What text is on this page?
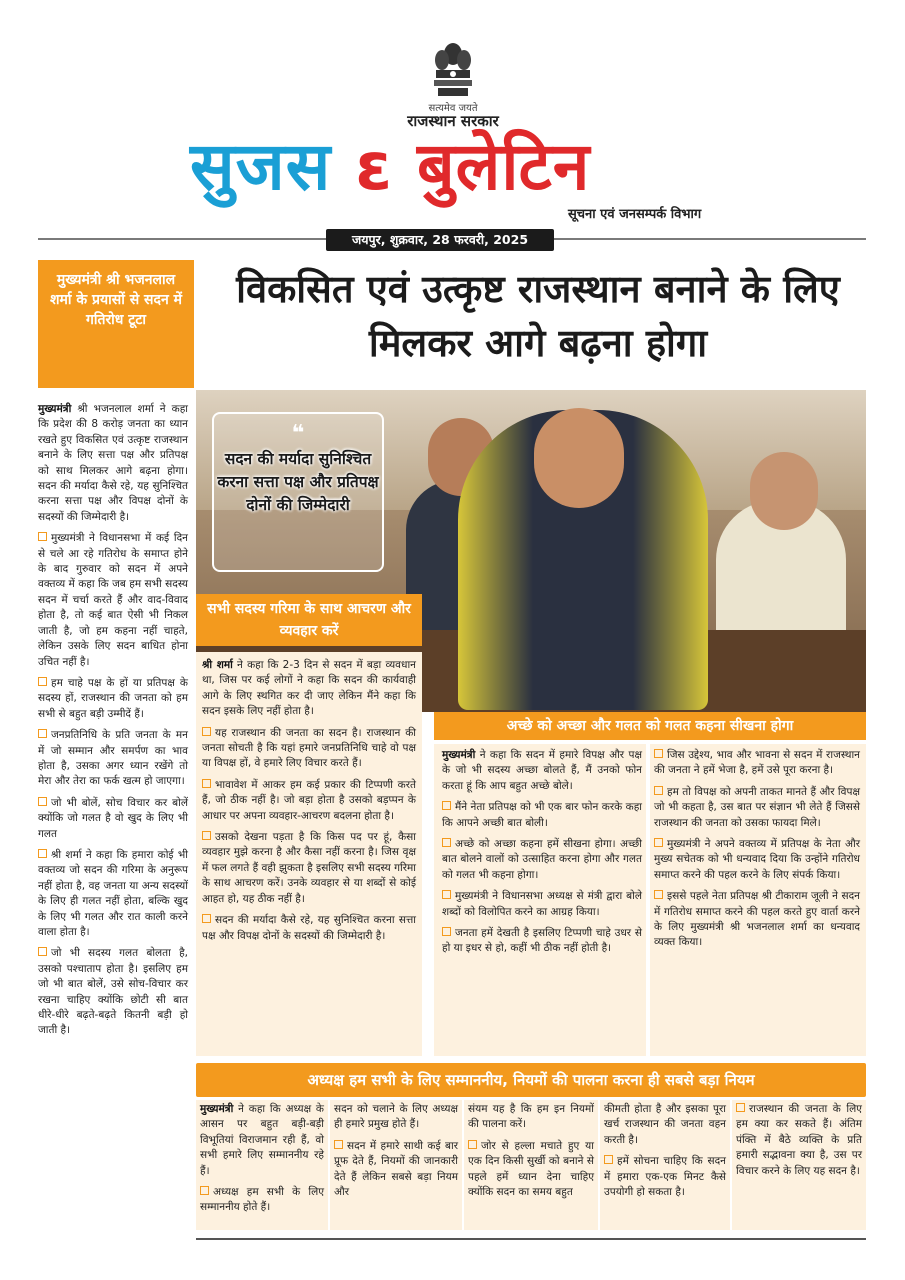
सत्यमेव जयते
राजस्थान सरकार
सुजस ε बुलेटिन
सूचना एवं जनसम्पर्क विभाग
जयपुर, शुक्रवार, 28 फरवरी, 2025
मुख्यमंत्री श्री भजनलाल शर्मा के प्रयासों से सदन में गतिरोध टूटा
विकसित एवं उत्कृष्ट राजस्थान बनाने के लिए मिलकर आगे बढ़ना होगा
❝
सदन की मर्यादा सुनिश्चित करना सत्ता पक्ष और प्रतिपक्ष दोनों की जिम्मेदारी

मुख्यमंत्री श्री भजनलाल शर्मा ने कहा कि प्रदेश की 8 करोड़ जनता का ध्यान रखते हुए विकसित एवं उत्कृष्ट राजस्थान बनाने के लिए सत्ता पक्ष और प्रतिपक्ष को साथ मिलकर आगे बढ़ना होगा। सदन की मर्यादा कैसे रहे, यह सुनिश्चित करना सत्ता पक्ष और विपक्ष दोनों के सदस्यों की जिम्मेदारी है।

मुख्यमंत्री ने विधानसभा में कई दिन से चले आ रहे गतिरोध के समाप्त होने के बाद गुरुवार को सदन में अपने वक्तव्य में कहा कि जब हम सभी सदस्य सदन में चर्चा करते हैं और वाद-विवाद होता है, तो कई बात ऐसी भी निकल जाती है, जो हम कहना नहीं चाहते, लेकिन उसके लिए सदन बाधित होना उचित नहीं है।

हम चाहे पक्ष के हों या प्रतिपक्ष के सदस्य हों, राजस्थान की जनता को हम सभी से बहुत बड़ी उम्मीदें हैं।

जनप्रतिनिधि के प्रति जनता के मन में जो सम्मान और समर्पण का भाव होता है, उसका अगर ध्यान रखेंगे तो मेरा और तेरा का फर्क खत्म हो जाएगा।

जो भी बोलें, सोच विचार कर बोलें क्योंकि जो गलत है वो खुद के लिए भी गलत

श्री शर्मा ने कहा कि हमारा कोई भी वक्तव्य जो सदन की गरिमा के अनुरूप नहीं होता है, वह जनता या अन्य सदस्यों के लिए ही गलत नहीं होता, बल्कि खुद के लिए भी गलत और रात काली करने वाला होता है।

जो भी सदस्य गलत बोलता है, उसको पश्चाताप होता है। इसलिए हम जो भी बात बोलें, उसे सोच-विचार कर रखना चाहिए क्योंकि छोटी सी बात धीरे-धीरे बढ़ते-बढ़ते कितनी बड़ी हो जाती है।

सभी सदस्य गरिमा के साथ आचरण और व्यवहार करें

श्री शर्मा ने कहा कि 2-3 दिन से सदन में बड़ा व्यवधान था, जिस पर कई लोगों ने कहा कि सदन की कार्यवाही आगे के लिए स्थगित कर दी जाए लेकिन मैंने कहा कि सदन इसके लिए नहीं होता है।

यह राजस्थान की जनता का सदन है। राजस्थान की जनता सोचती है कि यहां हमारे जनप्रतिनिधि चाहे वो पक्ष या विपक्ष हों, वे हमारे लिए विचार करते हैं।

भावावेश में आकर हम कई प्रकार की टिप्पणी करते हैं, जो ठीक नहीं है। जो बड़ा होता है उसको बड़प्पन के आधार पर अपना व्यवहार-आचरण बदलना होता है।

उसको देखना पड़ता है कि किस पद पर हूं, कैसा व्यवहार मुझे करना है और कैसा नहीं करना है। जिस वृक्ष में फल लगते हैं वही झुकता है इसलिए सभी सदस्य गरिमा के साथ आचरण करें। उनके व्यवहार से या शब्दों से कोई आहत हो, यह ठीक नहीं है।

सदन की मर्यादा कैसे रहे, यह सुनिश्चित करना सत्ता पक्ष और विपक्ष दोनों के सदस्यों की जिम्मेदारी है।

अच्छे को अच्छा और गलत को गलत कहना सीखना होगा

मुख्यमंत्री ने कहा कि सदन में हमारे विपक्ष और पक्ष के जो भी सदस्य अच्छा बोलते हैं, मैं उनको फोन करता हूं कि आप बहुत अच्छे बोले।

मैंने नेता प्रतिपक्ष को भी एक बार फोन करके कहा कि आपने अच्छी बात बोली।

अच्छे को अच्छा कहना हमें सीखना होगा। अच्छी बात बोलने वालों को उत्साहित करना होगा और गलत को गलत भी कहना होगा।

मुख्यमंत्री ने विधानसभा अध्यक्ष से मंत्री द्वारा बोले शब्दों को विलोपित करने का आग्रह किया।

जनता हमें देखती है इसलिए टिप्पणी चाहे उधर से हो या इधर से हो, कहीं भी ठीक नहीं होती है।

जिस उद्देश्य, भाव और भावना से सदन में राजस्थान की जनता ने हमें भेजा है, हमें उसे पूरा करना है।

हम तो विपक्ष को अपनी ताकत मानते हैं और विपक्ष जो भी कहता है, उस बात पर संज्ञान भी लेते हैं जिससे राजस्थान की जनता को उसका फायदा मिले।

मुख्यमंत्री ने अपने वक्तव्य में प्रतिपक्ष के नेता और मुख्य सचेतक को भी धन्यवाद दिया कि उन्होंने गतिरोध समाप्त करने की पहल करने के लिए संपर्क किया।

इससे पहले नेता प्रतिपक्ष श्री टीकाराम जूली ने सदन में गतिरोध समाप्त करने की पहल करते हुए वार्ता करने के लिए मुख्यमंत्री श्री भजनलाल शर्मा का धन्यवाद व्यक्त किया।

अध्यक्ष हम सभी के लिए सम्माननीय, नियमों की पालना करना ही सबसे बड़ा नियम

मुख्यमंत्री ने कहा कि अध्यक्ष के आसन पर बहुत बड़ी-बड़ी विभूतियां विराजमान रही हैं, वो सभी हमारे लिए सम्माननीय रहे हैं।

अध्यक्ष हम सभी के लिए सम्माननीय होते हैं।

सदन को चलाने के लिए अध्यक्ष ही हमारे प्रमुख होते हैं।

सदन में हमारे साथी कई बार प्रूफ देते हैं, नियमों की जानकारी देते हैं लेकिन सबसे बड़ा नियम और

संयम यह है कि हम इन नियमों की पालना करें।

जोर से हल्ला मचाते हुए या एक दिन किसी सुर्खी को बनाने से पहले हमें ध्यान देना चाहिए क्योंकि सदन का समय बहुत

कीमती होता है और इसका पूरा खर्च राजस्थान की जनता वहन करती है।

हमें सोचना चाहिए कि सदन में हमारा एक-एक मिनट कैसे उपयोगी हो सकता है।

राजस्थान की जनता के लिए हम क्या कर सकते हैं। अंतिम पंक्ति में बैठे व्यक्ति के प्रति हमारी सद्भावना क्या है, उस पर विचार करने के लिए यह सदन है।
